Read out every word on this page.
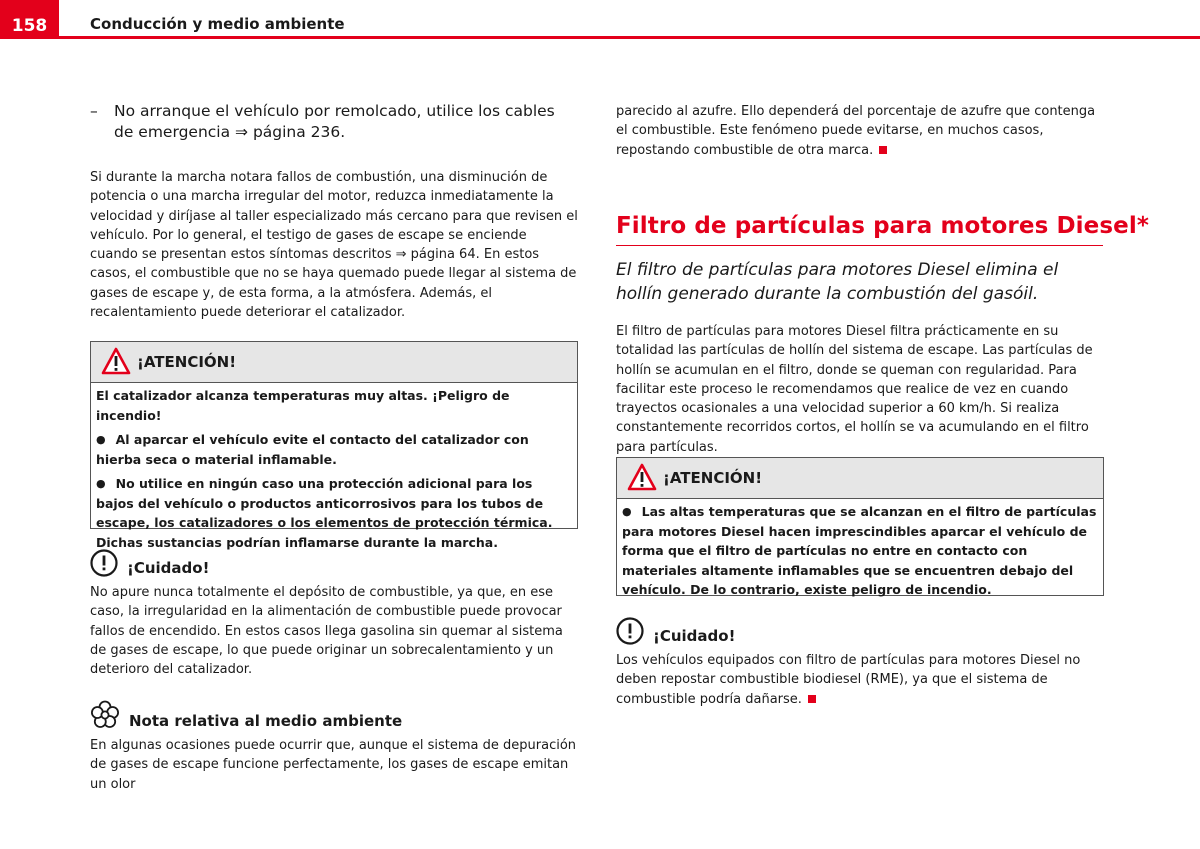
158	Conducción y medio ambiente
–	No arranque el vehículo por remolcado, utilice los cables de emergencia ⇒ página 236.

Si durante la marcha notara fallos de combustión, una disminución de potencia o una marcha irregular del motor, reduzca inmediatamente la velocidad y diríjase al taller especializado más cercano para que revisen el vehículo. Por lo general, el testigo de gases de escape se enciende cuando se presentan estos síntomas descritos ⇒ página 64. En estos casos, el combustible que no se haya quemado puede llegar al sistema de gases de escape y, de esta forma, a la atmósfera. Además, el recalentamiento puede deteriorar el catalizador.

¡ATENCIÓN!

El catalizador alcanza temperaturas muy altas. ¡Peligro de incendio!

● Al aparcar el vehículo evite el contacto del catalizador con hierba seca o material inflamable.

● No utilice en ningún caso una protección adicional para los bajos del vehículo o productos anticorrosivos para los tubos de escape, los catalizadores o los elementos de protección térmica. Dichas sustancias podrían inflamarse durante la marcha.

¡Cuidado!

No apure nunca totalmente el depósito de combustible, ya que, en ese caso, la irregularidad en la alimentación de combustible puede provocar fallos de encendido. En estos casos llega gasolina sin quemar al sistema de gases de escape, lo que puede originar un sobrecalentamiento y un deterioro del catalizador.

Nota relativa al medio ambiente

En algunas ocasiones puede ocurrir que, aunque el sistema de depuración de gases de escape funcione perfectamente, los gases de escape emitan un olor

parecido al azufre. Ello dependerá del porcentaje de azufre que contenga el combustible. Este fenómeno puede evitarse, en muchos casos, repostando combustible de otra marca.

Filtro de partículas para motores Diesel*

El filtro de partículas para motores Diesel elimina el hollín generado durante la combustión del gasóil.

El filtro de partículas para motores Diesel filtra prácticamente en su totalidad las partículas de hollín del sistema de escape. Las partículas de hollín se acumulan en el filtro, donde se queman con regularidad. Para facilitar este proceso le recomendamos que realice de vez en cuando trayectos ocasionales a una velocidad superior a 60 km/h. Si realiza constantemente recorridos cortos, el hollín se va acumulando en el filtro para partículas.

¡ATENCIÓN!

● Las altas temperaturas que se alcanzan en el filtro de partículas para motores Diesel hacen imprescindibles aparcar el vehículo de forma que el filtro de partículas no entre en contacto con materiales altamente inflamables que se encuentren debajo del vehículo. De lo contrario, existe peligro de incendio.

¡Cuidado!

Los vehículos equipados con filtro de partículas para motores Diesel no deben repostar combustible biodiesel (RME), ya que el sistema de combustible podría dañarse.
